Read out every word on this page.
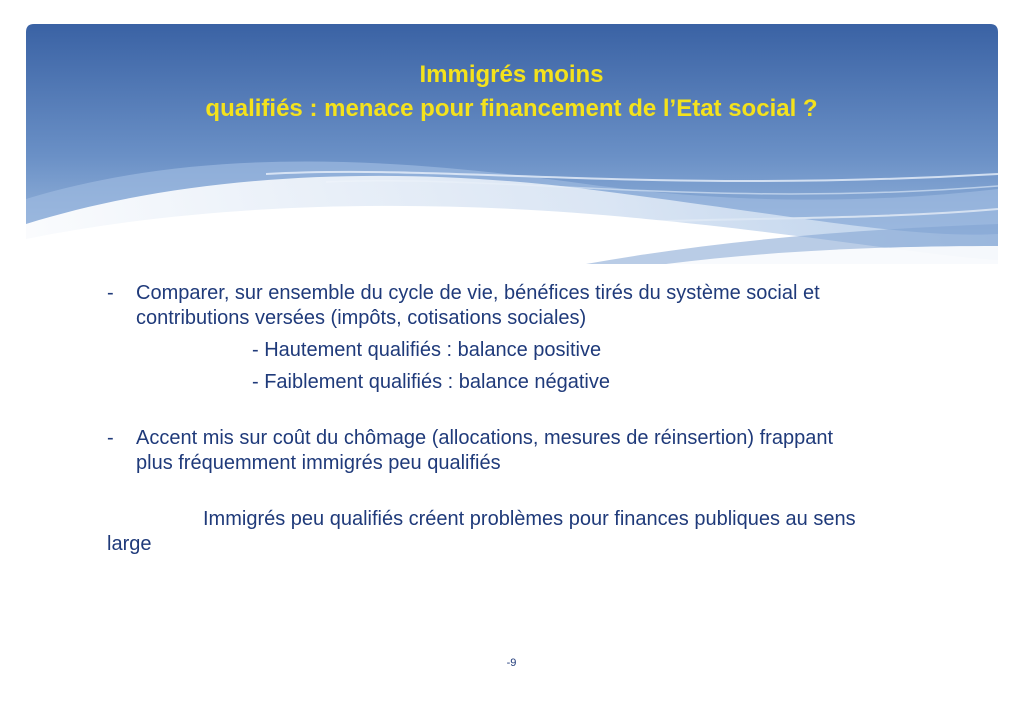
Immigrés moins
qualifiés : menace pour financement de l’Etat social ?

- Comparer, sur ensemble du cycle de vie, bénéfices tirés du système social et contributions versées (impôts, cotisations sociales)

- Hautement qualifiés : balance positive

- Faiblement qualifiés : balance négative

- Accent mis sur coût du chômage (allocations, mesures de réinsertion) frappant plus fréquemment immigrés peu qualifiés

Immigrés peu qualifiés créent problèmes pour finances publiques au sens large

-9
